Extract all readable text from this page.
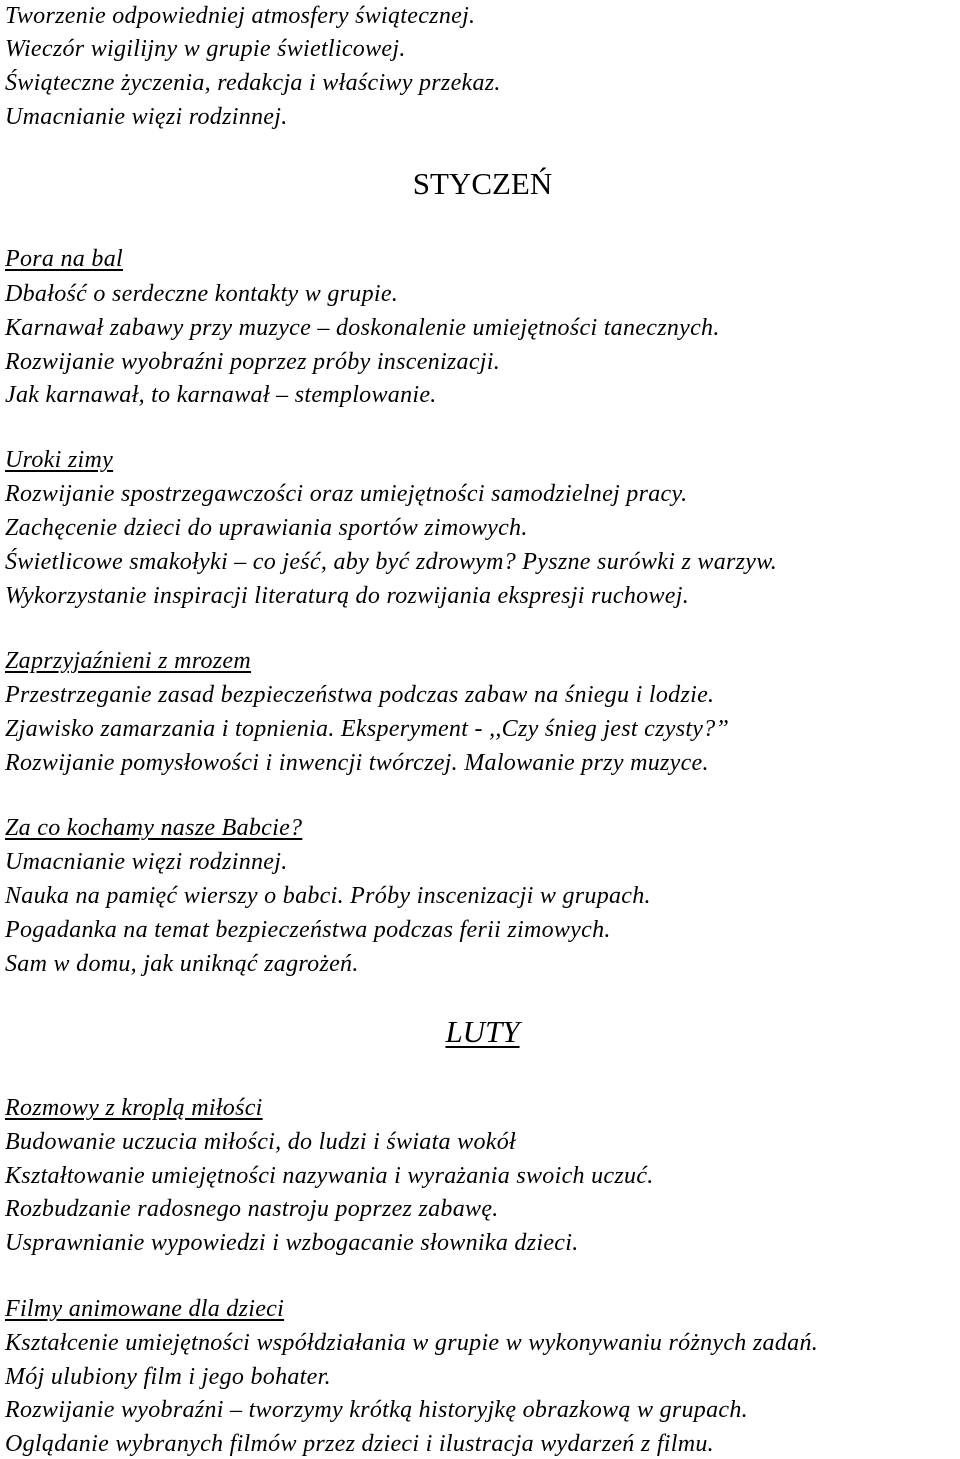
Tworzenie odpowiedniej atmosfery świątecznej.
Wieczór wigilijny w grupie świetlicowej.
Świąteczne życzenia, redakcja i właściwy przekaz.
Umacnianie więzi rodzinnej.
STYCZEŃ
Pora na bal
Dbałość o serdeczne kontakty w grupie.
Karnawał zabawy przy muzyce – doskonalenie umiejętności tanecznych.
Rozwijanie wyobraźni poprzez próby inscenizacji.
Jak karnawał, to karnawał – stemplowanie.
Uroki zimy
Rozwijanie spostrzegawczości oraz umiejętności samodzielnej pracy.
Zachęcenie dzieci do uprawiania sportów zimowych.
Świetlicowe smakołyki – co jeść, aby być zdrowym? Pyszne surówki z warzyw.
Wykorzystanie inspiracji literaturą do rozwijania ekspresji ruchowej.
Zaprzyjaźnieni z mrozem
Przestrzeganie zasad bezpieczeństwa podczas zabaw na śniegu i lodzie.
Zjawisko zamarzania i topnienia. Eksperyment - ,,Czy śnieg jest czysty?”
Rozwijanie pomysłowości i inwencji twórczej. Malowanie przy muzyce.
Za co kochamy nasze Babcie?
Umacnianie więzi rodzinnej.
Nauka na pamięć wierszy o babci. Próby inscenizacji w grupach.
Pogadanka na temat bezpieczeństwa podczas ferii zimowych.
Sam w domu, jak uniknąć zagrożeń.
LUTY
Rozmowy z kroplą miłości
Budowanie uczucia miłości, do ludzi i świata wokół
Kształtowanie umiejętności nazywania i wyrażania swoich uczuć.
Rozbudzanie radosnego nastroju poprzez zabawę.
Usprawnianie wypowiedzi i wzbogacanie słownika dzieci.
Filmy animowane dla dzieci
Kształcenie umiejętności współdziałania w grupie w wykonywaniu różnych zadań.
Mój ulubiony film i jego bohater.
Rozwijanie wyobraźni – tworzymy krótką historyjkę obrazkową w grupach.
Oglądanie wybranych filmów przez dzieci i ilustracja wydarzeń z filmu.
